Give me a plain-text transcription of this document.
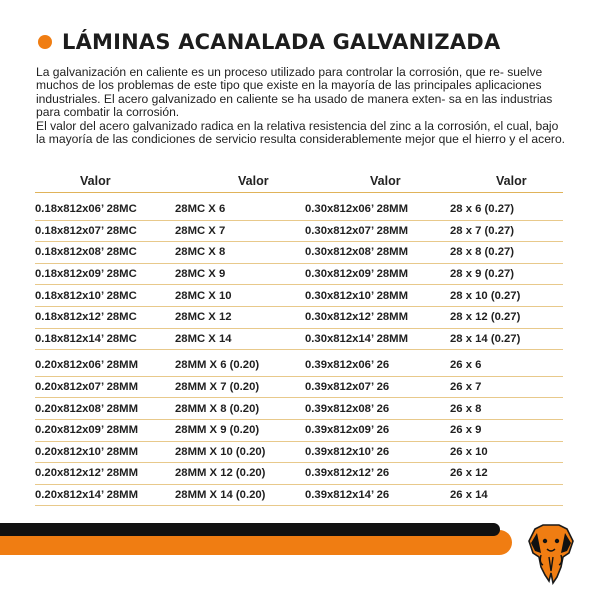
LÁMINAS ACANALADA GALVANIZADA

La galvanización en caliente es un proceso utilizado para controlar la corrosión, que re- suelve muchos de los problemas de este tipo que existe en la mayoría de las principales aplicaciones industriales. El acero galvanizado en caliente se ha usado de manera exten- sa en las industrias para combatir la corrosión.

El valor del acero galvanizado radica en la relativa resistencia del zinc a la corrosión, el cual, bajo la mayoría de las condiciones de servicio resulta considerablemente mejor que el hierro y el acero.

Valor	Valor	Valor	Valor
0.18x812x06’ 28MC	28MC X 6	0.30x812x06’ 28MM	28 x 6 (0.27)
0.18x812x07’ 28MC	28MC X 7	0.30x812x07’ 28MM	28 x 7 (0.27)
0.18x812x08’ 28MC	28MC X 8	0.30x812x08’ 28MM	28 x 8 (0.27)
0.18x812x09’ 28MC	28MC X 9	0.30x812x09’ 28MM	28 x 9 (0.27)
0.18x812x10’ 28MC	28MC X 10	0.30x812x10’ 28MM	28 x 10 (0.27)
0.18x812x12’ 28MC	28MC X 12	0.30x812x12’ 28MM	28 x 12 (0.27)
0.18x812x14’ 28MC	28MC X 14	0.30x812x14’ 28MM	28 x 14 (0.27)
0.20x812x06’ 28MM	28MM X 6 (0.20)	0.39x812x06’ 26	26 x 6
0.20x812x07’ 28MM	28MM X 7 (0.20)	0.39x812x07’ 26	26 x 7
0.20x812x08’ 28MM	28MM X 8 (0.20)	0.39x812x08’ 26	26 x 8
0.20x812x09’ 28MM	28MM X 9 (0.20)	0.39x812x09’ 26	26 x 9
0.20x812x10’ 28MM	28MM X 10 (0.20)	0.39x812x10’ 26	26 x 10
0.20x812x12’ 28MM	28MM X 12 (0.20)	0.39x812x12’ 26	26 x 12
0.20x812x14’ 28MM	28MM X 14 (0.20)	0.39x812x14’ 26	26 x 14
